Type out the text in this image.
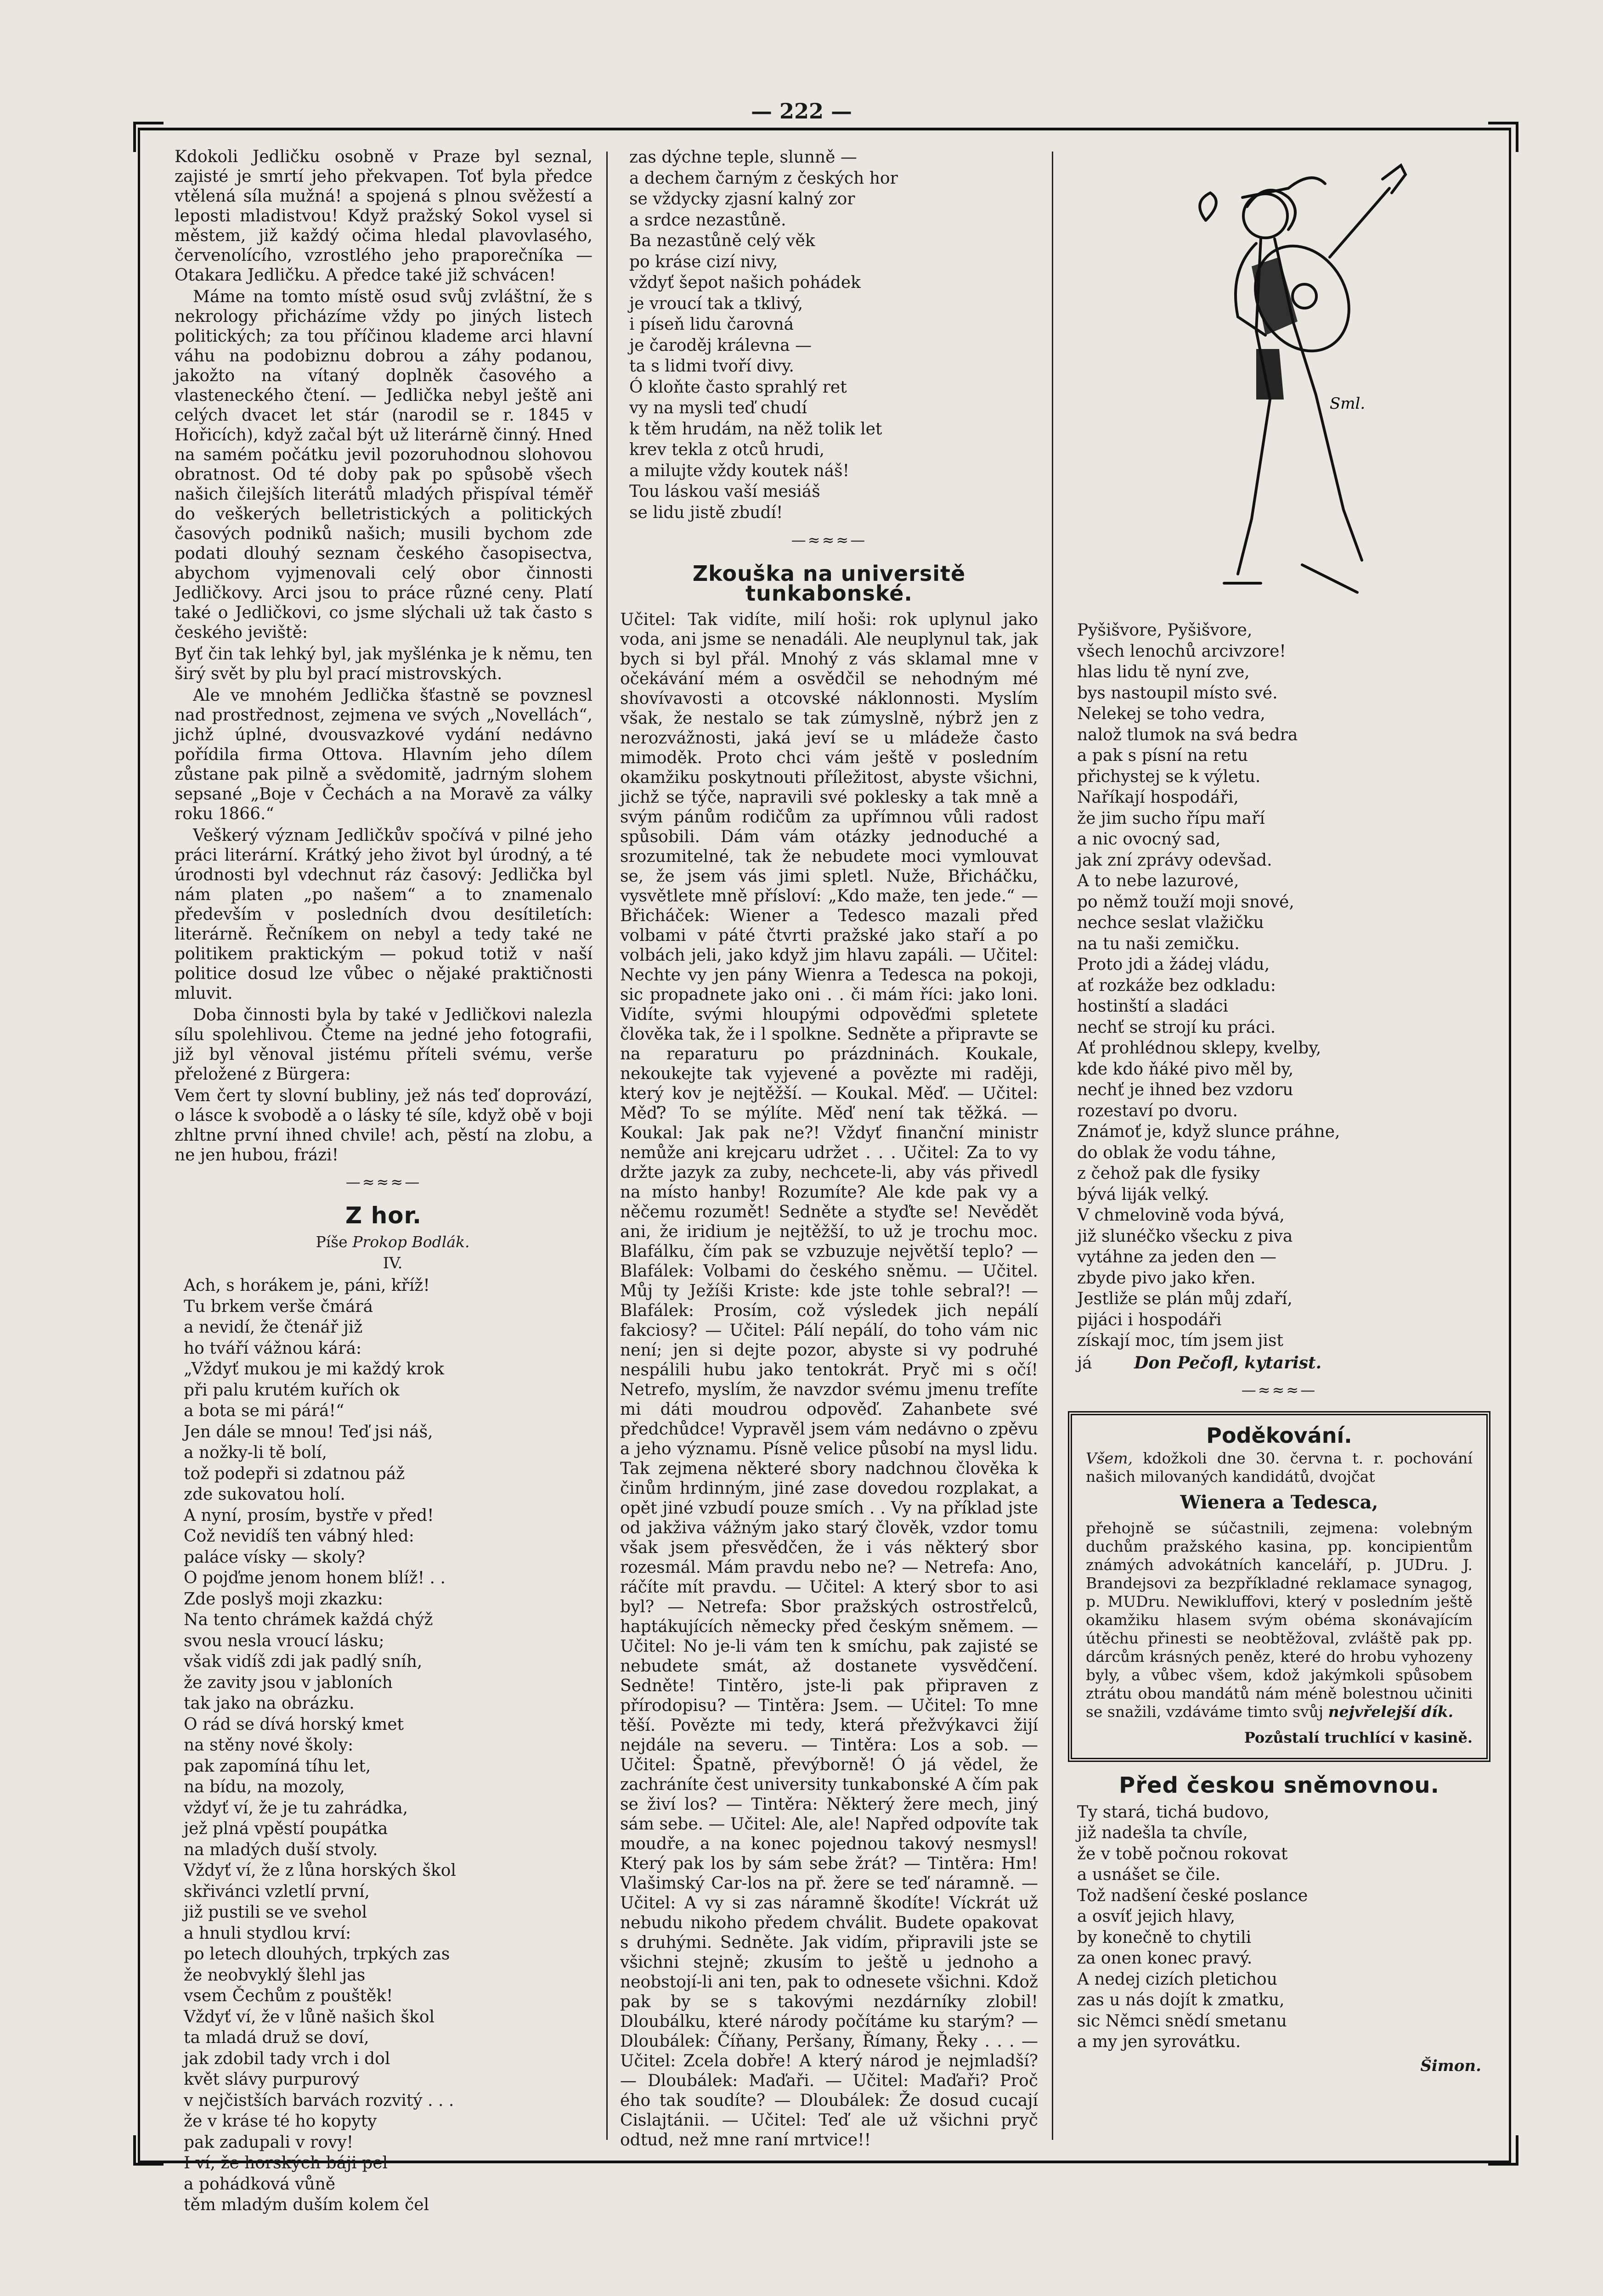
— 222 —

Kdokoli Jedličku osobně v Praze byl seznal, zajisté je smrtí jeho překvapen. Toť byla předce vtělená síla mužná! a spojená s plnou svěžestí a leposti mladistvou! Když pražský Sokol vysel si městem, již každý očima hledal plavovlasého, červenolícího, vzrostlého jeho praporečníka — Otakara Jedličku. A předce také již schvácen!

Máme na tomto místě osud svůj zvláštní, že s nekrology přicházíme vždy po jiných listech politických; za tou příčinou klademe arci hlavní váhu na podobiznu dobrou a záhy podanou, jakožto na vítaný doplněk časového a vlasteneckého čtení. — Jedlička nebyl ještě ani celých dvacet let stár (narodil se r. 1845 v Hořicích), když začal být už literárně činný. Hned na samém počátku jevil pozoruhodnou slohovou obratnost. Od té doby pak po spůsobě všech našich čilejších literátů mladých přispíval téměř do veškerých belletristických a politických časových podniků našich; musili bychom zde podati dlouhý seznam českého časopisectva, abychom vyjmenovali celý obor činnosti Jedličkovy. Arci jsou to práce různé ceny. Platí také o Jedličkovi, co jsme slýchali už tak často s českého jeviště:

Byť čin tak lehký byl, jak myšlénka je k němu, ten širý svět by plu byl prací mistrovských.

Ale ve mnohém Jedlička šťastně se povznesl nad prostřednost, zejmena ve svých „Novellách“, jichž úplné, dvousvazkové vydání nedávno pořídila firma Ottova. Hlavním jeho dílem zůstane pak pilně a svědomitě, jadrným slohem sepsané „Boje v Čechách a na Moravě za války roku 1866.“

Veškerý význam Jedličkův spočívá v pilné jeho práci literární. Krátký jeho život byl úrodný, a té úrodnosti byl vdechnut ráz časový: Jedlička byl nám platen „po našem“ a to znamenalo především v posledních dvou desítiletích: literárně. Řečníkem on nebyl a tedy také ne politikem praktickým — pokud totiž v naší politice dosud lze vůbec o nějaké praktičnosti mluvit.

Doba činnosti byla by také v Jedličkovi nalezla sílu spolehlivou. Čteme na jedné jeho fotografii, již byl věnoval jistému příteli svému, verše přeložené z Bürgera:

Vem čert ty slovní bubliny, jež nás teď doprovází, o lásce k svobodě a o lásky té síle, když obě v boji zhltne první ihned chvile! ach, pěstí na zlobu, a ne jen hubou, frázi!

—≈≈≈—
Z hor.

Píše Prokop Bodlák.

IV.

Ach, s horákem je, páni, kříž!
Tu brkem verše čmárá
a nevidí, že čtenář již
ho tváří vážnou kárá:
„Vždyť mukou je mi každý krok
při palu krutém kuřích ok
a bota se mi párá!“
Jen dále se mnou! Teď jsi náš,
a nožky-li tě bolí,
tož podepři si zdatnou páž
zde sukovatou holí.
A nyní, prosím, bystře v před!
Což nevidíš ten vábný hled:
paláce vísky — skoly?
O pojďme jenom honem blíž! . .
Zde poslyš moji zkazku:
Na tento chrámek každá chýž
svou nesla vroucí lásku;
však vidíš zdi jak padlý sníh,
že zavity jsou v jabloních
tak jako na obrázku.
O rád se dívá horský kmet
na stěny nové školy:
pak zapomíná tíhu let,
na bídu, na mozoly,
vždyť ví, že je tu zahrádka,
jež plná vpěstí poupátka
na mladých duší stvoly.
Vždyť ví, že z lůna horských škol
skřivánci vzletlí první,
již pustili se ve svehol
a hnuli stydlou krví:
po letech dlouhých, trpkých zas
že neobvyklý šlehl jas
vsem Čechům z pouštěk!
Vždyť ví, že v lůně našich škol
ta mladá druž se doví,
jak zdobil tady vrch i dol
květ slávy purpurový
v nejčistších barvách rozvitý . . .
že v kráse té ho kopyty
pak zadupali v rovy!
I ví, že horských báji pel
a pohádková vůně
těm mladým duším kolem čel
zas dýchne teple, slunně —
a dechem čarným z českých hor
se vždycky zjasní kalný zor
a srdce nezastůně.
Ba nezastůně celý věk
po kráse cizí nivy,
vždyť šepot našich pohádek
je vroucí tak a tklivý,
i píseň lidu čarovná
je čaroděj králevna —
ta s lidmi tvoří divy.
Ó kloňte často sprahlý ret
vy na mysli teď chudí
k těm hrudám, na něž tolik let
krev tekla z otců hrudi,
a milujte vždy koutek náš!
Tou láskou vaší mesiáš
se lidu jistě zbudí!
—≈≈≈—
Zkouška na universitě tunkabonské.

Učitel: Tak vidíte, milí hoši: rok uplynul jako voda, ani jsme se nenadáli. Ale neuplynul tak, jak bych si byl přál. Mnohý z vás sklamal mne v očekávání mém a osvědčil se nehodným mé shovívavosti a otcovské náklonnosti. Myslím však, že nestalo se tak zúmyslně, nýbrž jen z nerozvážnosti, jaká jeví se u mládeže často mimoděk. Proto chci vám ještě v posledním okamžiku poskytnouti příležitost, abyste všichni, jichž se týče, napravili své poklesky a tak mně a svým pánům rodičům za upřímnou vůli radost spůsobili. Dám vám otázky jednoduché a srozumitelné, tak že nebudete moci vymlouvat se, že jsem vás jimi spletl. Nuže, Břicháčku, vysvětlete mně přísloví: „Kdo maže, ten jede.“ — Břicháček: Wiener a Tedesco mazali před volbami v páté čtvrti pražské jako staří a po volbách jeli, jako když jim hlavu zapáli. — Učitel: Nechte vy jen pány Wienra a Tedesca na pokoji, sic propadnete jako oni . . či mám říci: jako loni. Vidíte, svými hloupými odpověďmi spletete člověka tak, že i l spolkne. Sedněte a připravte se na reparaturu po prázdninách. Koukale, nekoukejte tak vyjevené a povězte mi raději, který kov je nejtěžší. — Koukal. Měď. — Učitel: Měď? To se mýlíte. Měď není tak těžká. — Koukal: Jak pak ne?! Vždyť finanční ministr nemůže ani krejcaru udržet . . . Učitel: Za to vy držte jazyk za zuby, nechcete-li, aby vás přivedl na místo hanby! Rozumíte? Ale kde pak vy a něčemu rozumět! Sedněte a styďte se! Nevědět ani, že iridium je nejtěžší, to už je trochu moc. Blafálku, čím pak se vzbuzuje největší teplo? — Blafálek: Volbami do českého sněmu. — Učitel. Můj ty Ježíši Kriste: kde jste tohle sebral?! — Blafálek: Prosím, což výsledek jich nepálí fakciosy? — Učitel: Pálí nepálí, do toho vám nic není; jen si dejte pozor, abyste si vy podruhé nespálili hubu jako tentokrát. Pryč mi s očí! Netrefo, myslím, že navzdor svému jmenu trefíte mi dáti moudrou odpověď. Zahanbete své předchůdce! Vypravěl jsem vám nedávno o zpěvu a jeho významu. Písně velice působí na mysl lidu. Tak zejmena některé sbory nadchnou člověka k činům hrdinným, jiné zase dovedou rozplakat, a opět jiné vzbudí pouze smích . . Vy na příklad jste od jakživa vážným jako starý člověk, vzdor tomu však jsem přesvědčen, že i vás některý sbor rozesmál. Mám pravdu nebo ne? — Netrefa: Ano, ráčíte mít pravdu. — Učitel: A který sbor to asi byl? — Netrefa: Sbor pražských ostrostřelců, haptákujících německy před českým sněmem. — Učitel: No je-li vám ten k smíchu, pak zajisté se nebudete smát, až dostanete vysvědčení. Sedněte! Tintěro, jste-li pak připraven z přírodopisu? — Tintěra: Jsem. — Učitel: To mne těší. Povězte mi tedy, která přežvýkavci žijí nejdále na severu. — Tintěra: Los a sob. — Učitel: Špatně, převýborně! Ó já vědel, že zachráníte čest university tunkabonské A čím pak se živí los? — Tintěra: Některý žere mech, jiný sám sebe. — Učitel: Ale, ale! Napřed odpovíte tak moudře, a na konec pojednou takový nesmysl! Který pak los by sám sebe žrát? — Tintěra: Hm! Vlašimský Car-los na př. žere se teď náramně. — Učitel: A vy si zas náramně škodíte! Víckrát už nebudu nikoho předem chválit. Budete opakovat s druhými. Sedněte. Jak vidím, připravili jste se všichni stejně; zkusím to ještě u jednoho a neobstojí-li ani ten, pak to odnesete všichni. Kdož pak by se s takovými nezdárníky zlobil! Dloubálku, které národy počítáme ku starým? — Dloubálek: Číňany, Peršany, Římany, Řeky . . . — Učitel: Zcela dobře! A který národ je nejmladší? — Dloubálek: Maďaři. — Učitel: Maďaři? Proč ého tak soudíte? — Dloubálek: Že dosud cucají Cislajtánii. — Učitel: Teď ale už všichni pryč odtud, než mne raní mrtvice!!

Sml.
Pyšišvore, Pyšišvore,
všech lenochů arcivzore!
hlas lidu tě nyní zve,
bys nastoupil místo své.
Nelekej se toho vedra,
nalož tlumok na svá bedra
a pak s písní na retu
přichystej se k výletu.
Naříkají hospodáři,
že jim sucho řípu maří
a nic ovocný sad,
jak zní zprávy odevšad.
A to nebe lazurové,
po němž touží moji snové,
nechce seslat vlažičku
na tu naši zemičku.
Proto jdi a žádej vládu,
ať rozkáže bez odkladu:
hostinští a sladáci
nechť se strojí ku práci.
Ať prohlédnou sklepy, kvelby,
kde kdo ňáké pivo měl by,
nechť je ihned bez vzdoru
rozestaví po dvoru.
Známoť je, když slunce práhne,
do oblak že vodu táhne,
z čehož pak dle fysiky
bývá liják velký.
V chmelovině voda bývá,
již slunéčko všecku z piva
vytáhne za jeden den —
zbyde pivo jako křen.
Jestliže se plán můj zdaří,
pijáci i hospodáři
získají moc, tím jsem jist

já	Don Pečofl, kytarist.

—≈≈≈—
Poděkování.
Všem, kdožkoli dne 30. června t. r. pochování našich milovaných kandidátů, dvojčat
Wienera a Tedesca,
přehojně se súčastnili, zejmena: volebným duchům pražského kasina, pp. koncipientům známých advokátních kanceláří, p. JUDru. J. Brandejsovi za bezpříkladné reklamace synagog, p. MUDru. Newikluffovi, který v posledním ještě okamžiku hlasem svým obéma skonávajícím útěchu přinesti se neobtěžoval, zvláště pak pp. dárcům krásných peněz, které do hrobu vyhozeny byly, a vůbec všem, kdož jakýmkoli spůsobem ztrátu obou mandátů nám méně bolestnou učiniti se snažili, vzdáváme timto svůj nejvřelejší dík.
Pozůstalí truchlící v kasině.
Před českou sněmovnou.
Ty stará, tichá budovo,
již nadešla ta chvíle,
že v tobě počnou rokovat
a usnášet se čile.
Tož nadšení české poslance
a osvíť jejich hlavy,
by konečně to chytili
za onen konec pravý.
A nedej cizích pletichou
zas u nás dojít k zmatku,
sic Němci snědí smetanu
a my jen syrovátku.
Šimon.
